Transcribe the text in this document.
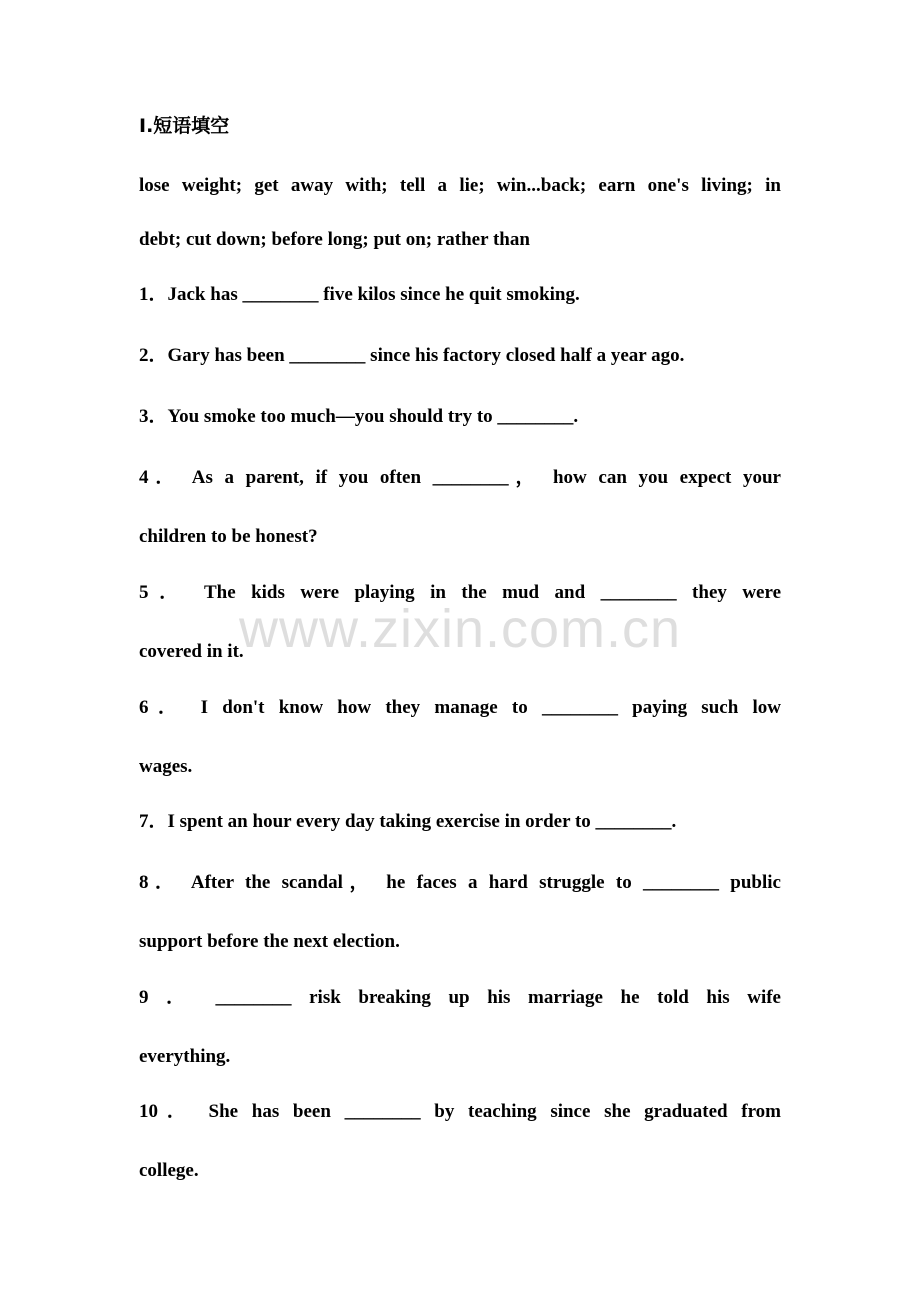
Ⅰ.短语填空
lose weight; get away with; tell a lie; win...back; earn one's living; in
debt; cut down; before long; put on; rather than
1．Jack has ________ five kilos since he quit smoking.
2．Gary has been ________ since his factory closed half a year ago.
3．You smoke too much—you should try to ________.
4． As a parent, if you often ________， how can you expect your
children to be honest?
5． The kids were playing in the mud and ________ they were
covered in it.
6． I don't know how they manage to ________ paying such low
wages.
7．I spent an hour every day taking exercise in order to ________.
8． After the scandal， he faces a hard struggle to ________ public
support before the next election.
9 ． ________ risk breaking up his marriage he told his wife
everything.
10． She has been ________ by teaching since she graduated from
college.
www.zixin.com.cn
